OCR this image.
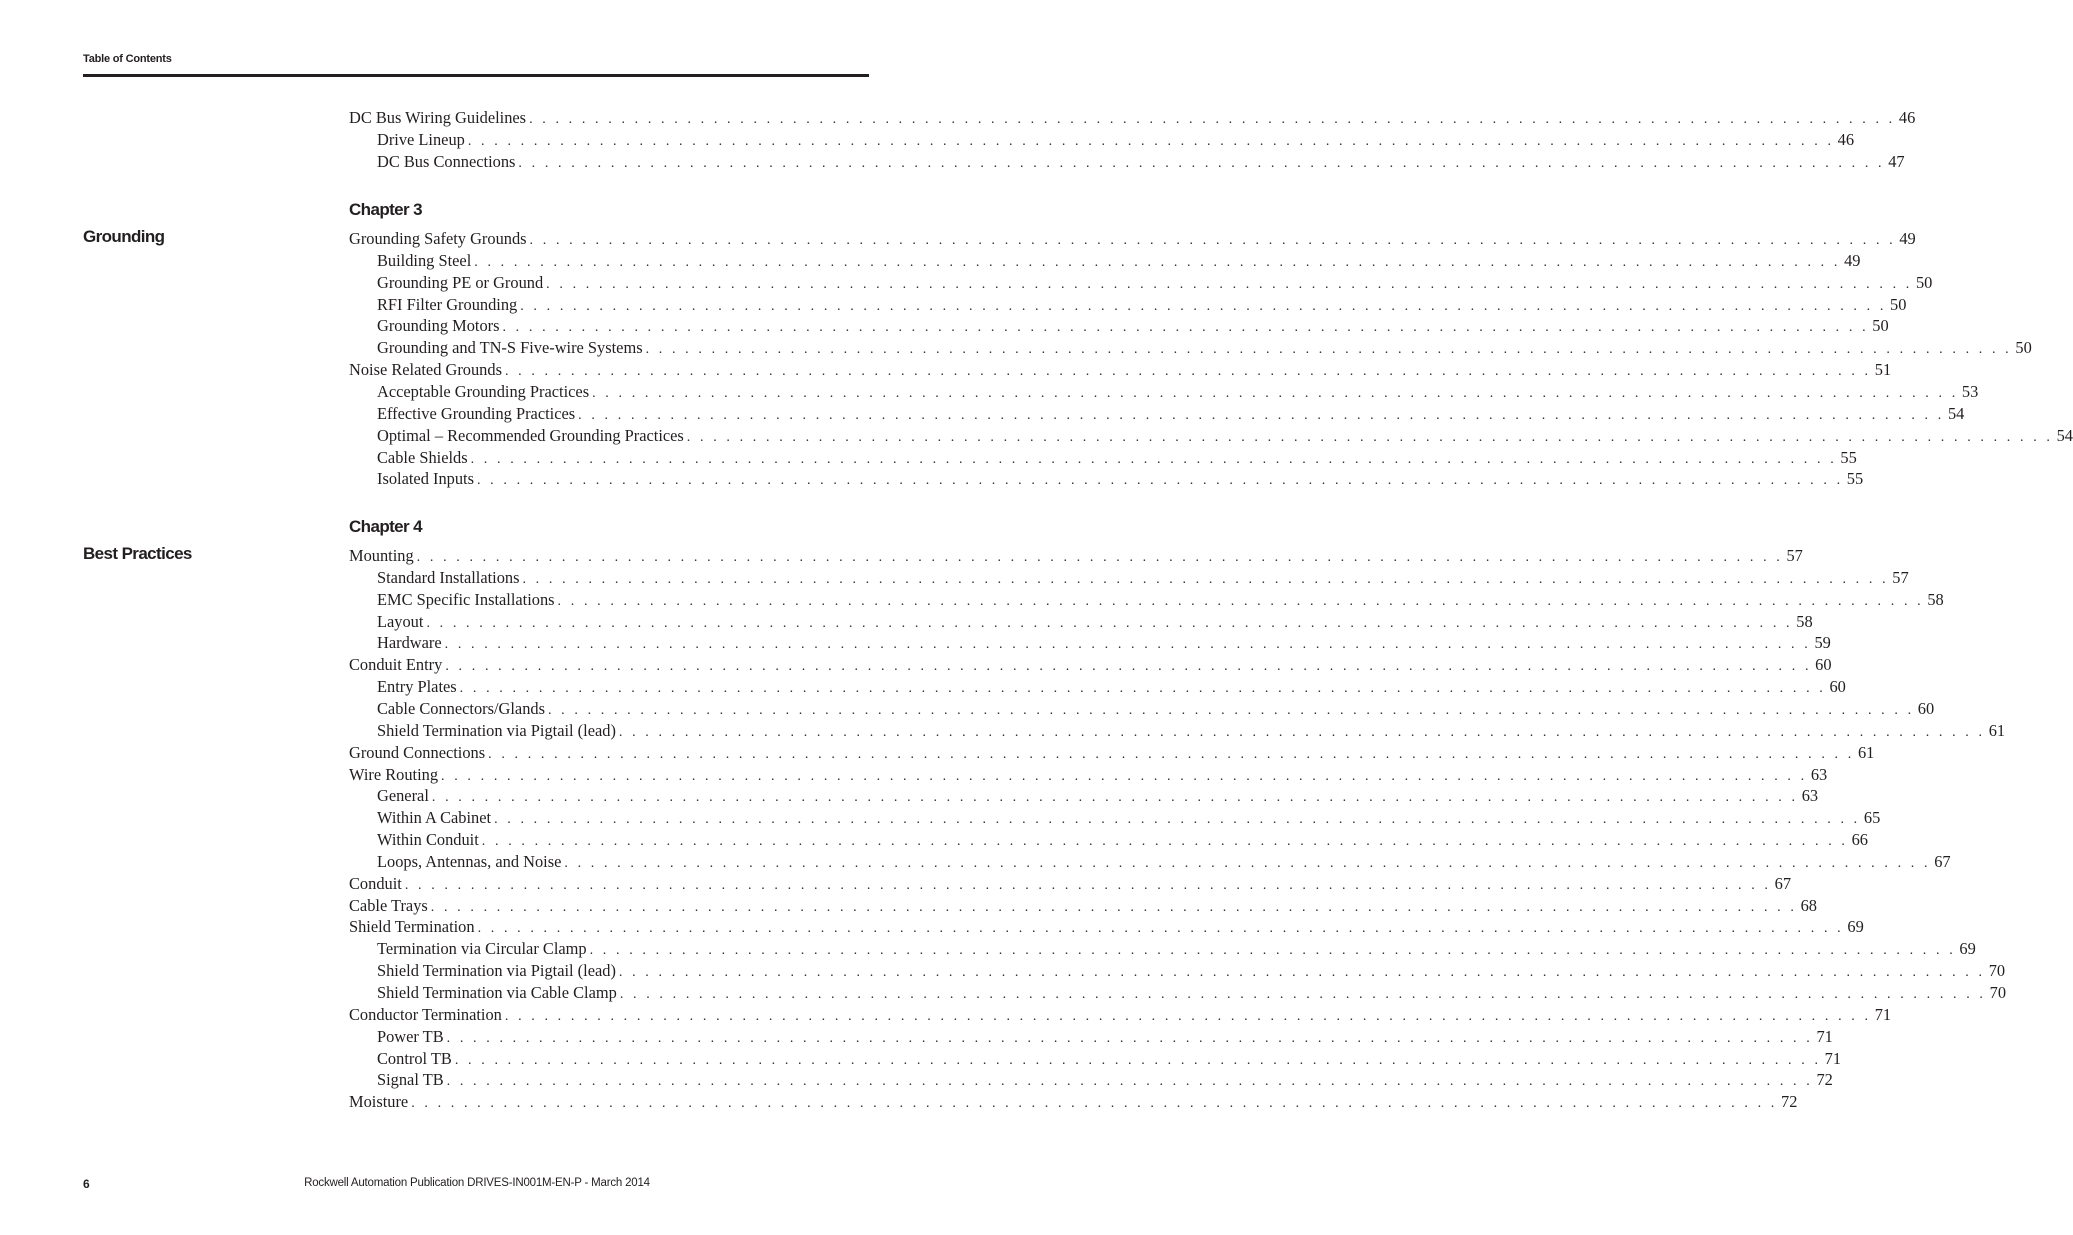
Table of Contents
Chapter 3
Grounding
Chapter 4
Best Practices
DC Bus Wiring Guidelines . . . . . . . . . . . . . . . . . . . . . . . . . . . . . . . . . . . . . . . . . . . . . . . . . . . . . . . . . . . . . . . . . . . . . . . . . . . . . . . . . . . . . . . . . . . . . . . . . . . . . . . . 46
Drive Lineup . . . . . . . . . . . . . . . . . . . . . . . . . . . . . . . . . . . . . . . . . . . . . . . . . . . . . . . . . . . . . . . . . . . . . . . . . . . . . . . . . . . . . . . . . . . . . . . . . . . . . . . . 46
DC Bus Connections . . . . . . . . . . . . . . . . . . . . . . . . . . . . . . . . . . . . . . . . . . . . . . . . . . . . . . . . . . . . . . . . . . . . . . . . . . . . . . . . . . . . . . . . . . . . . . . . . . . . . . . . 47
Grounding Safety Grounds . . . . . . . . . . . . . . . . . . . . . . . . . . . . . . . . . . . . . . . . . . . . . . . . . . . . . . . . . . . . . . . . . . . . . . . . . . . . . . . . . . . . . . . . . . . . . . . . . . . . . . . . 49
Building Steel . . . . . . . . . . . . . . . . . . . . . . . . . . . . . . . . . . . . . . . . . . . . . . . . . . . . . . . . . . . . . . . . . . . . . . . . . . . . . . . . . . . . . . . . . . . . . . . . . . . . . . . . 49
Grounding PE or Ground . . . . . . . . . . . . . . . . . . . . . . . . . . . . . . . . . . . . . . . . . . . . . . . . . . . . . . . . . . . . . . . . . . . . . . . . . . . . . . . . . . . . . . . . . . . . . . . . . . . . . . . . 50
RFI Filter Grounding . . . . . . . . . . . . . . . . . . . . . . . . . . . . . . . . . . . . . . . . . . . . . . . . . . . . . . . . . . . . . . . . . . . . . . . . . . . . . . . . . . . . . . . . . . . . . . . . . . . . . . . . 50
Grounding Motors . . . . . . . . . . . . . . . . . . . . . . . . . . . . . . . . . . . . . . . . . . . . . . . . . . . . . . . . . . . . . . . . . . . . . . . . . . . . . . . . . . . . . . . . . . . . . . . . . . . . . . . . 50
Grounding and TN-S Five-wire Systems . . . . . . . . . . . . . . . . . . . . . . . . . . . . . . . . . . . . . . . . . . . . . . . . . . . . . . . . . . . . . . . . . . . . . . . . . . . . . . . . . . . . . . . . . . . . . . . . . . . . . . . . 50
Noise Related Grounds . . . . . . . . . . . . . . . . . . . . . . . . . . . . . . . . . . . . . . . . . . . . . . . . . . . . . . . . . . . . . . . . . . . . . . . . . . . . . . . . . . . . . . . . . . . . . . . . . . . . . . . . 51
Acceptable Grounding Practices . . . . . . . . . . . . . . . . . . . . . . . . . . . . . . . . . . . . . . . . . . . . . . . . . . . . . . . . . . . . . . . . . . . . . . . . . . . . . . . . . . . . . . . . . . . . . . . . . . . . . . . . 53
Effective Grounding Practices . . . . . . . . . . . . . . . . . . . . . . . . . . . . . . . . . . . . . . . . . . . . . . . . . . . . . . . . . . . . . . . . . . . . . . . . . . . . . . . . . . . . . . . . . . . . . . . . . . . . . . . . 54
Optimal – Recommended Grounding Practices . . . . . . . . . . . . . . . . . . . . . . . . . . . . . . . . . . . . . . . . . . . . . . . . . . . . . . . . . . . . . . . . . . . . . . . . . . . . . . . . . . . . . . . . . . . . . . . . . . . . . . . . 54
Cable Shields . . . . . . . . . . . . . . . . . . . . . . . . . . . . . . . . . . . . . . . . . . . . . . . . . . . . . . . . . . . . . . . . . . . . . . . . . . . . . . . . . . . . . . . . . . . . . . . . . . . . . . . . 55
Isolated Inputs . . . . . . . . . . . . . . . . . . . . . . . . . . . . . . . . . . . . . . . . . . . . . . . . . . . . . . . . . . . . . . . . . . . . . . . . . . . . . . . . . . . . . . . . . . . . . . . . . . . . . . . . 55
Mounting . . . . . . . . . . . . . . . . . . . . . . . . . . . . . . . . . . . . . . . . . . . . . . . . . . . . . . . . . . . . . . . . . . . . . . . . . . . . . . . . . . . . . . . . . . . . . . . . . . . . . . . . 57
Standard Installations . . . . . . . . . . . . . . . . . . . . . . . . . . . . . . . . . . . . . . . . . . . . . . . . . . . . . . . . . . . . . . . . . . . . . . . . . . . . . . . . . . . . . . . . . . . . . . . . . . . . . . . . 57
EMC Specific Installations . . . . . . . . . . . . . . . . . . . . . . . . . . . . . . . . . . . . . . . . . . . . . . . . . . . . . . . . . . . . . . . . . . . . . . . . . . . . . . . . . . . . . . . . . . . . . . . . . . . . . . . . 58
Layout . . . . . . . . . . . . . . . . . . . . . . . . . . . . . . . . . . . . . . . . . . . . . . . . . . . . . . . . . . . . . . . . . . . . . . . . . . . . . . . . . . . . . . . . . . . . . . . . . . . . . . . . 58
Hardware . . . . . . . . . . . . . . . . . . . . . . . . . . . . . . . . . . . . . . . . . . . . . . . . . . . . . . . . . . . . . . . . . . . . . . . . . . . . . . . . . . . . . . . . . . . . . . . . . . . . . . . . 59
Conduit Entry . . . . . . . . . . . . . . . . . . . . . . . . . . . . . . . . . . . . . . . . . . . . . . . . . . . . . . . . . . . . . . . . . . . . . . . . . . . . . . . . . . . . . . . . . . . . . . . . . . . . . . . . 60
Entry Plates . . . . . . . . . . . . . . . . . . . . . . . . . . . . . . . . . . . . . . . . . . . . . . . . . . . . . . . . . . . . . . . . . . . . . . . . . . . . . . . . . . . . . . . . . . . . . . . . . . . . . . . . 60
Cable Connectors/Glands . . . . . . . . . . . . . . . . . . . . . . . . . . . . . . . . . . . . . . . . . . . . . . . . . . . . . . . . . . . . . . . . . . . . . . . . . . . . . . . . . . . . . . . . . . . . . . . . . . . . . . . . 60
Shield Termination via Pigtail (lead) . . . . . . . . . . . . . . . . . . . . . . . . . . . . . . . . . . . . . . . . . . . . . . . . . . . . . . . . . . . . . . . . . . . . . . . . . . . . . . . . . . . . . . . . . . . . . . . . . . . . . . . . 61
Ground Connections . . . . . . . . . . . . . . . . . . . . . . . . . . . . . . . . . . . . . . . . . . . . . . . . . . . . . . . . . . . . . . . . . . . . . . . . . . . . . . . . . . . . . . . . . . . . . . . . . . . . . . . . 61
Wire Routing . . . . . . . . . . . . . . . . . . . . . . . . . . . . . . . . . . . . . . . . . . . . . . . . . . . . . . . . . . . . . . . . . . . . . . . . . . . . . . . . . . . . . . . . . . . . . . . . . . . . . . . . 63
General . . . . . . . . . . . . . . . . . . . . . . . . . . . . . . . . . . . . . . . . . . . . . . . . . . . . . . . . . . . . . . . . . . . . . . . . . . . . . . . . . . . . . . . . . . . . . . . . . . . . . . . . 63
Within A Cabinet . . . . . . . . . . . . . . . . . . . . . . . . . . . . . . . . . . . . . . . . . . . . . . . . . . . . . . . . . . . . . . . . . . . . . . . . . . . . . . . . . . . . . . . . . . . . . . . . . . . . . . . . 65
Within Conduit . . . . . . . . . . . . . . . . . . . . . . . . . . . . . . . . . . . . . . . . . . . . . . . . . . . . . . . . . . . . . . . . . . . . . . . . . . . . . . . . . . . . . . . . . . . . . . . . . . . . . . . . 66
Loops, Antennas, and Noise . . . . . . . . . . . . . . . . . . . . . . . . . . . . . . . . . . . . . . . . . . . . . . . . . . . . . . . . . . . . . . . . . . . . . . . . . . . . . . . . . . . . . . . . . . . . . . . . . . . . . . . . 67
Conduit . . . . . . . . . . . . . . . . . . . . . . . . . . . . . . . . . . . . . . . . . . . . . . . . . . . . . . . . . . . . . . . . . . . . . . . . . . . . . . . . . . . . . . . . . . . . . . . . . . . . . . . . 67
Cable Trays . . . . . . . . . . . . . . . . . . . . . . . . . . . . . . . . . . . . . . . . . . . . . . . . . . . . . . . . . . . . . . . . . . . . . . . . . . . . . . . . . . . . . . . . . . . . . . . . . . . . . . . . 68
Shield Termination . . . . . . . . . . . . . . . . . . . . . . . . . . . . . . . . . . . . . . . . . . . . . . . . . . . . . . . . . . . . . . . . . . . . . . . . . . . . . . . . . . . . . . . . . . . . . . . . . . . . . . . . 69
Termination via Circular Clamp . . . . . . . . . . . . . . . . . . . . . . . . . . . . . . . . . . . . . . . . . . . . . . . . . . . . . . . . . . . . . . . . . . . . . . . . . . . . . . . . . . . . . . . . . . . . . . . . . . . . . . . . 69
Shield Termination via Pigtail (lead) . . . . . . . . . . . . . . . . . . . . . . . . . . . . . . . . . . . . . . . . . . . . . . . . . . . . . . . . . . . . . . . . . . . . . . . . . . . . . . . . . . . . . . . . . . . . . . . . . . . . . . . . 70
Shield Termination via Cable Clamp . . . . . . . . . . . . . . . . . . . . . . . . . . . . . . . . . . . . . . . . . . . . . . . . . . . . . . . . . . . . . . . . . . . . . . . . . . . . . . . . . . . . . . . . . . . . . . . . . . . . . . . . 70
Conductor Termination . . . . . . . . . . . . . . . . . . . . . . . . . . . . . . . . . . . . . . . . . . . . . . . . . . . . . . . . . . . . . . . . . . . . . . . . . . . . . . . . . . . . . . . . . . . . . . . . . . . . . . . . 71
Power TB . . . . . . . . . . . . . . . . . . . . . . . . . . . . . . . . . . . . . . . . . . . . . . . . . . . . . . . . . . . . . . . . . . . . . . . . . . . . . . . . . . . . . . . . . . . . . . . . . . . . . . . . 71
Control TB . . . . . . . . . . . . . . . . . . . . . . . . . . . . . . . . . . . . . . . . . . . . . . . . . . . . . . . . . . . . . . . . . . . . . . . . . . . . . . . . . . . . . . . . . . . . . . . . . . . . . . . . 71
Signal TB . . . . . . . . . . . . . . . . . . . . . . . . . . . . . . . . . . . . . . . . . . . . . . . . . . . . . . . . . . . . . . . . . . . . . . . . . . . . . . . . . . . . . . . . . . . . . . . . . . . . . . . . 72
Moisture . . . . . . . . . . . . . . . . . . . . . . . . . . . . . . . . . . . . . . . . . . . . . . . . . . . . . . . . . . . . . . . . . . . . . . . . . . . . . . . . . . . . . . . . . . . . . . . . . . . . . . . . 72
6	Rockwell Automation Publication DRIVES-IN001M-EN-P - March 2014
